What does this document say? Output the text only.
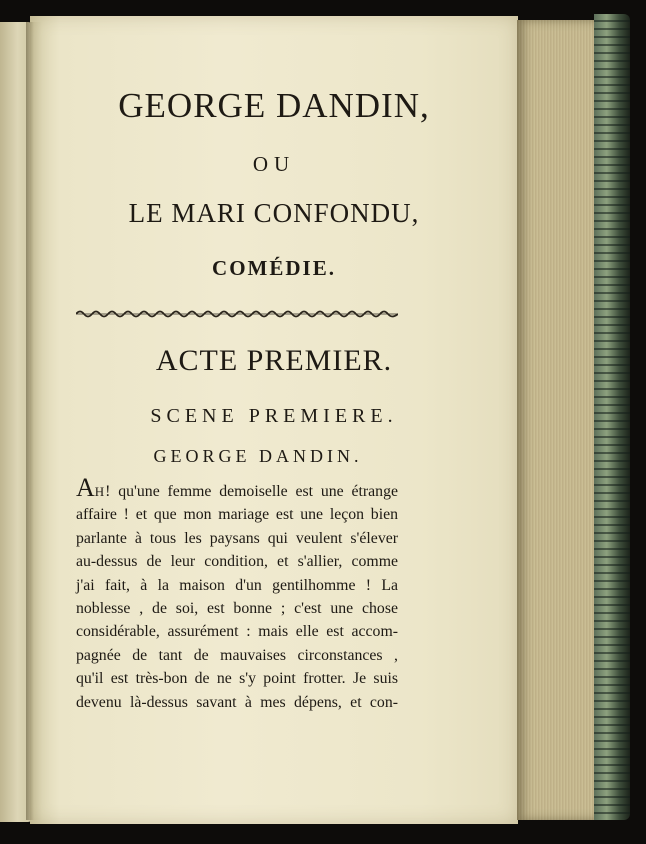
GEORGE DANDIN,
OU
LE MARI CONFONDU,
COMÉDIE.
ACTE PREMIER.
SCENE PREMIERE.
GEORGE DANDIN.
AH! qu'une femme demoiselle est une étrange
affaire ! et que mon mariage est une leçon bien
parlante à tous les paysans qui veulent s'élever
au-dessus de leur condition, et s'allier, comme
j'ai fait, à la maison d'un gentilhomme ! La
noblesse , de soi, est bonne ; c'est une chose
considérable, assurément : mais elle est accom-
pagnée de tant de mauvaises circonstances ,
qu'il est très-bon de ne s'y point frotter. Je suis
devenu là-dessus savant à mes dépens, et con-
